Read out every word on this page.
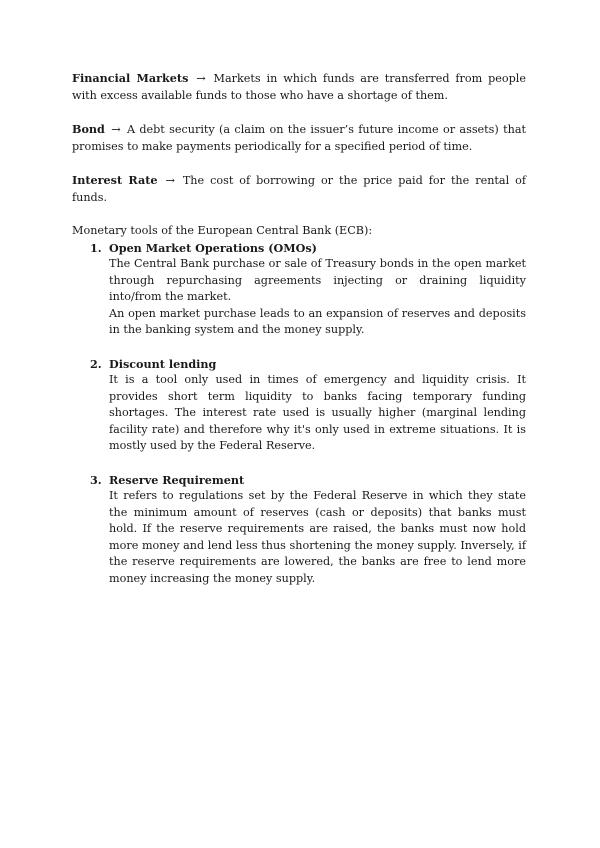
Financial Markets → Markets in which funds are transferred from people with excess available funds to those who have a shortage of them.

Bond → A debt security (a claim on the issuer’s future income or assets) that promises to make payments periodically for a specified period of time.

Interest Rate → The cost of borrowing or the price paid for the rental of funds.

Monetary tools of the European Central Bank (ECB):

1. Open Market Operations (OMOs)
The Central Bank purchase or sale of Treasury bonds in the open market through repurchasing agreements injecting or draining liquidity into/from the market.
An open market purchase leads to an expansion of reserves and deposits in the banking system and the money supply.
2. Discount lending
It is a tool only used in times of emergency and liquidity crisis. It provides short term liquidity to banks facing temporary funding shortages. The interest rate used is usually higher (marginal lending facility rate) and therefore why it's only used in extreme situations. It is mostly used by the Federal Reserve.
3. Reserve Requirement
It refers to regulations set by the Federal Reserve in which they state the minimum amount of reserves (cash or deposits) that banks must hold. If the reserve requirements are raised, the banks must now hold more money and lend less thus shortening the money supply. Inversely, if the reserve requirements are lowered, the banks are free to lend more money increasing the money supply.
